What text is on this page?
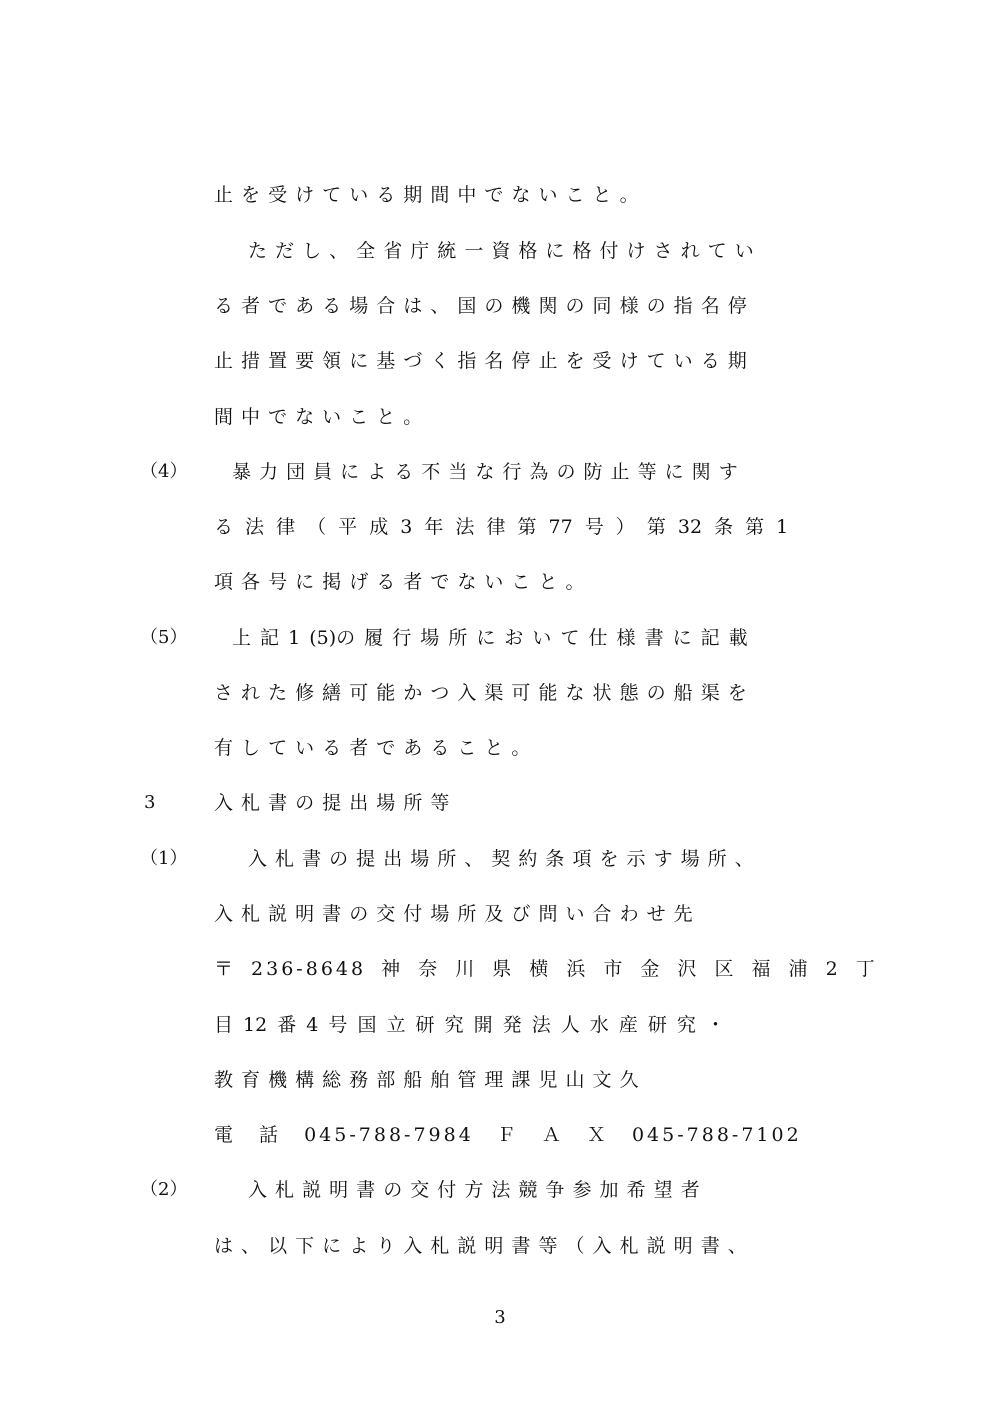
止 を 受 け て い る 期 間 中 で な い こ と 。
た だ し 、 全 省 庁 統 一 資 格 に 格 付 け さ れ て い
る 者 で あ る 場 合 は 、 国 の 機 関 の 同 様 の 指 名 停
止 措 置 要 領 に 基 づ く 指 名 停 止 を 受 け て い る 期
間 中 で な い こ と 。
（4） 暴 力 団 員 に よ る 不 当 な 行 為 の 防 止 等 に 関 す
る 法 律 （ 平 成 3 年 法 律 第 77 号 ） 第 32 条 第 1
項 各 号 に 掲 げ る 者 で な い こ と 。
（5） 上 記 1 (5)の 履 行 場 所 に お い て 仕 様 書 に 記 載
さ れ た 修 繕 可 能 か つ 入 渠 可 能 な 状 態 の 船 渠 を
有 し て い る 者 で あ る こ と 。
3	入 札 書 の 提 出 場 所 等
（1）	入 札 書 の 提 出 場 所 、 契 約 条 項 を 示 す 場 所 、
入 札 説 明 書 の 交 付 場 所 及 び 問 い 合 わ せ 先
〒 236-8648 神 奈 川 県 横 浜 市 金 沢 区 福 浦 2 丁
目 12 番 4 号 国 立 研 究 開 発 法 人 水 産 研 究 ・
教 育 機 構 総 務 部 船 舶 管 理 課 児 山 文 久
電 話 045-788-7984 Ｆ Ａ Ｘ 045-788-7102
（2）	入 札 説 明 書 の 交 付 方 法 競 争 参 加 希 望 者
は 、 以 下 に よ り 入 札 説 明 書 等 （ 入 札 説 明 書 、
3
